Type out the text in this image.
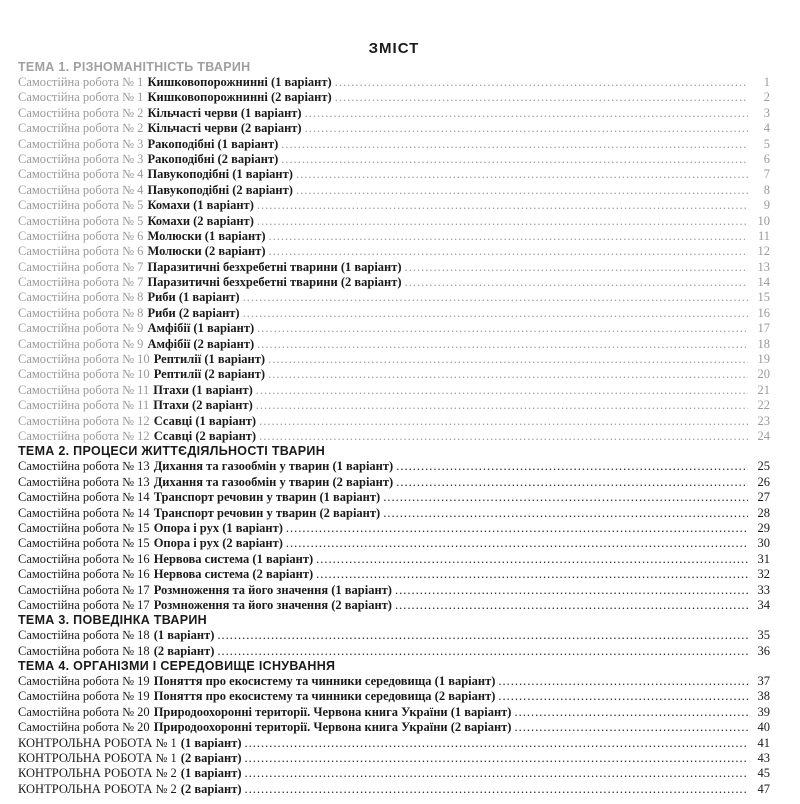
ЗМІСТ
ТЕМА 1. РІЗНОМАНІТНІСТЬ ТВАРИН
Самостійна робота № 1 Кишковопорожнинні (1 варіант) .....	1
Самостійна робота № 1 Кишковопорожнинні (2 варіант) .....	2
Самостійна робота № 2 Кільчасті черви (1 варіант) .....	3
Самостійна робота № 2 Кільчасті черви (2 варіант) .....	4
Самостійна робота № 3 Ракоподібні (1 варіант) .....	5
Самостійна робота № 3 Ракоподібні (2 варіант) .....	6
Самостійна робота № 4 Павукоподібні (1 варіант) .....	7
Самостійна робота № 4 Павукоподібні (2 варіант) .....	8
Самостійна робота № 5 Комахи (1 варіант) .....	9
Самостійна робота № 5 Комахи (2 варіант) .....	10
Самостійна робота № 6 Молюски (1 варіант) .....	11
Самостійна робота № 6 Молюски (2 варіант) .....	12
Самостійна робота № 7 Паразитичні безхребетні тварини (1 варіант) .....	13
Самостійна робота № 7 Паразитичні безхребетні тварини (2 варіант) .....	14
Самостійна робота № 8 Риби (1 варіант) .....	15
Самостійна робота № 8 Риби (2 варіант) .....	16
Самостійна робота № 9 Амфібії (1 варіант) .....	17
Самостійна робота № 9 Амфібії (2 варіант) .....	18
Самостійна робота № 10 Рептилії (1 варіант) .....	19
Самостійна робота № 10 Рептилії (2 варіант) .....	20
Самостійна робота № 11 Птахи (1 варіант) .....	21
Самостійна робота № 11 Птахи (2 варіант) .....	22
Самостійна робота № 12 Ссавці (1 варіант) .....	23
Самостійна робота № 12 Ссавці (2 варіант) .....	24
ТЕМА 2. ПРОЦЕСИ ЖИТТЄДІЯЛЬНОСТІ ТВАРИН
Самостійна робота № 13 Дихання та газообмін у тварин (1 варіант) .....	25
Самостійна робота № 13 Дихання та газообмін у тварин (2 варіант) .....	26
Самостійна робота № 14 Транспорт речовин у тварин (1 варіант) .....	27
Самостійна робота № 14 Транспорт речовин у тварин (2 варіант) .....	28
Самостійна робота № 15 Опора і рух (1 варіант) .....	29
Самостійна робота № 15 Опора і рух (2 варіант) .....	30
Самостійна робота № 16 Нервова система (1 варіант) .....	31
Самостійна робота № 16 Нервова система (2 варіант) .....	32
Самостійна робота № 17 Розмноження та його значення (1 варіант) .....	33
Самостійна робота № 17 Розмноження та його значення (2 варіант) .....	34
ТЕМА 3. ПОВЕДІНКА ТВАРИН
Самостійна робота № 18 (1 варіант) .....	35
Самостійна робота № 18 (2 варіант) .....	36
ТЕМА 4. ОРГАНІЗМИ І СЕРЕДОВИЩЕ ІСНУВАННЯ
Самостійна робота № 19 Поняття про екосистему та чинники середовища (1 варіант) .....	37
Самостійна робота № 19 Поняття про екосистему та чинники середовища (2 варіант) .....	38
Самостійна робота № 20 Природоохоронні території. Червона книга України (1 варіант) .....	39
Самостійна робота № 20 Природоохоронні території. Червона книга України (2 варіант) .....	40
КОНТРОЛЬНА РОБОТА № 1 (1 варіант) .....	41
КОНТРОЛЬНА РОБОТА № 1 (2 варіант) .....	43
КОНТРОЛЬНА РОБОТА № 2 (1 варіант) .....	45
КОНТРОЛЬНА РОБОТА № 2 (2 варіант) .....	47
